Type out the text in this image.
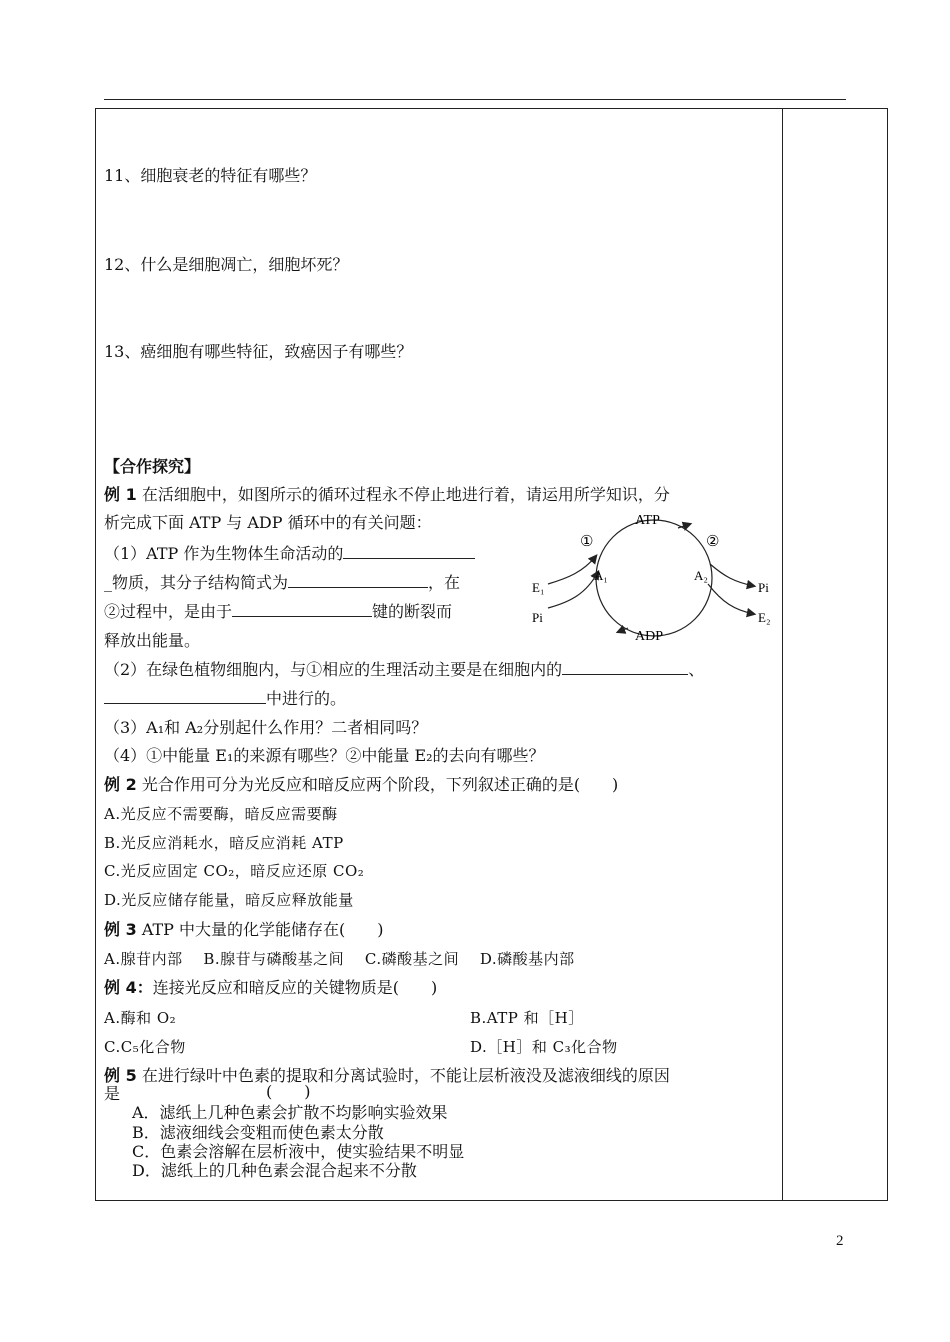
11、细胞衰老的特征有哪些？
12、什么是细胞凋亡，细胞坏死？
13、癌细胞有哪些特征，致癌因子有哪些？
【合作探究】
例 1 在活细胞中，如图所示的循环过程永不停止地进行着，请运用所学知识，分
析完成下面 ATP 与 ADP 循环中的有关问题：
（1）ATP 作为生物体生命活动的
_物质，其分子结构简式为	，在
②过程中，是由于	键的断裂而
释放出能量。
（2）在绿色植物细胞内，与①相应的生理活动主要是在细胞内的	、
中进行的。
（3）A₁和 A₂分别起什么作用？二者相同吗？
（4）①中能量 E₁的来源有哪些？②中能量 E₂的去向有哪些？
ATP
ADP
①	②
A₁	A₂
E₁
Pi
Pi
E₂
例 2 光合作用可分为光反应和暗反应两个阶段，下列叙述正确的是(　　)
A.光反应不需要酶，暗反应需要酶
B.光反应消耗水，暗反应消耗 ATP
C.光反应固定 CO₂，暗反应还原 CO₂
D.光反应储存能量，暗反应释放能量
例 3 ATP 中大量的化学能储存在(　　)
A.腺苷内部　 B.腺苷与磷酸基之间　 C.磷酸基之间　 D.磷酸基内部
例 4：连接光反应和暗反应的关键物质是(　　)
A.酶和 O₂	B.ATP 和［H］
C.C₅化合物	D.［H］和 C₃化合物
例 5 在进行绿叶中色素的提取和分离试验时，不能让层析液没及滤液细线的原因
是	(　　)
A．滤纸上几种色素会扩散不均影响实验效果
B．滤液细线会变粗而使色素太分散
C．色素会溶解在层析液中，使实验结果不明显
D．滤纸上的几种色素会混合起来不分散
2
